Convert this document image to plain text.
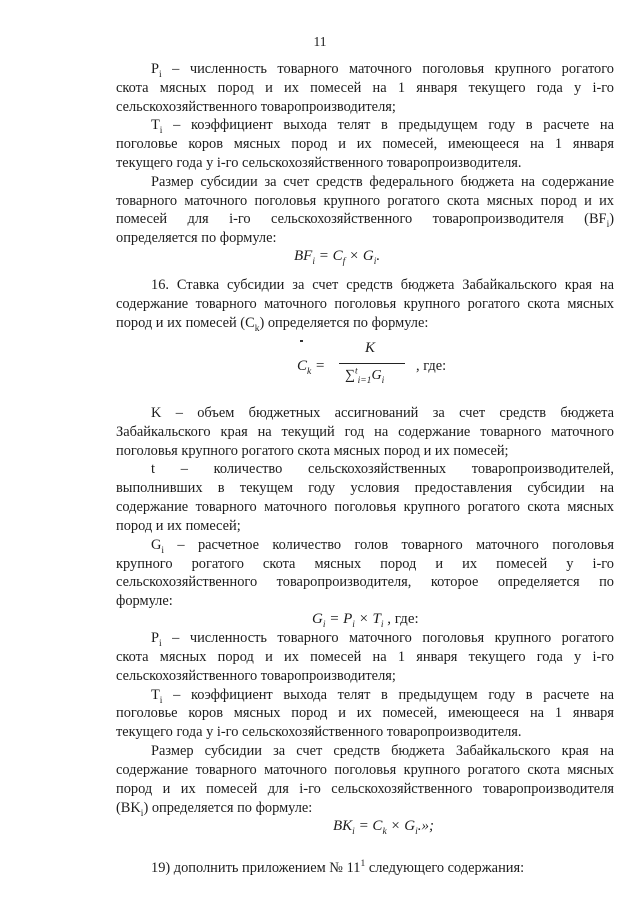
11
$P_i$ – численность товарного маточного поголовья крупного рогатого
скота мясных пород и их помесей на 1 января текущего года у i-го
сельскохозяйственного товаропроизводителя;
$T_i$ – коэффициент выхода телят в предыдущем году в расчете на
поголовье коров мясных пород и их помесей, имеющееся на 1 января
текущего года у i-го сельскохозяйственного товаропроизводителя.
Размер субсидии за счет средств федерального бюджета на содержание
товарного маточного поголовья крупного рогатого скота мясных пород и их
помесей для i-го сельскохозяйственного товаропроизводителя $(BF_i)$
определяется по формуле:
$BF_i = C_f \times G_i$.
16. Ставка субсидии за счет средств бюджета Забайкальского края на
содержание товарного маточного поголовья крупного рогатого скота мясных
пород и их помесей $(C_k)$ определяется по формуле:
$C_k$ =
K
$\sum^t_{i=1}G_i$
, где:
K – объем бюджетных ассигнований за счет средств бюджета
Забайкальского края на текущий год на содержание товарного маточного
поголовья крупного рогатого скота мясных пород и их помесей;
t – количество сельскохозяйственных товаропроизводителей,
выполнивших в текущем году условия предоставления субсидии на
содержание товарного маточного поголовья крупного рогатого скота мясных
пород и их помесей;
$G_i$ – расчетное количество голов товарного маточного поголовья
крупного рогатого скота мясных пород и их помесей у i-го
сельскохозяйственного товаропроизводителя, которое определяется по
формуле:
$G_i = P_i \times T_i$ , где:
$P_i$ – численность товарного маточного поголовья крупного рогатого
скота мясных пород и их помесей на 1 января текущего года у i-го
сельскохозяйственного товаропроизводителя;
$T_i$ – коэффициент выхода телят в предыдущем году в расчете на
поголовье коров мясных пород и их помесей, имеющееся на 1 января
текущего года у i-го сельскохозяйственного товаропроизводителя.
Размер субсидии за счет средств бюджета Забайкальского края на
содержание товарного маточного поголовья крупного рогатого скота мясных
пород и их помесей для i-го сельскохозяйственного товаропроизводителя
$(BK_i)$ определяется по формуле:
$BK_i = C_k \times G_i$.»;
19) дополнить приложением № $11^1$ следующего содержания:
